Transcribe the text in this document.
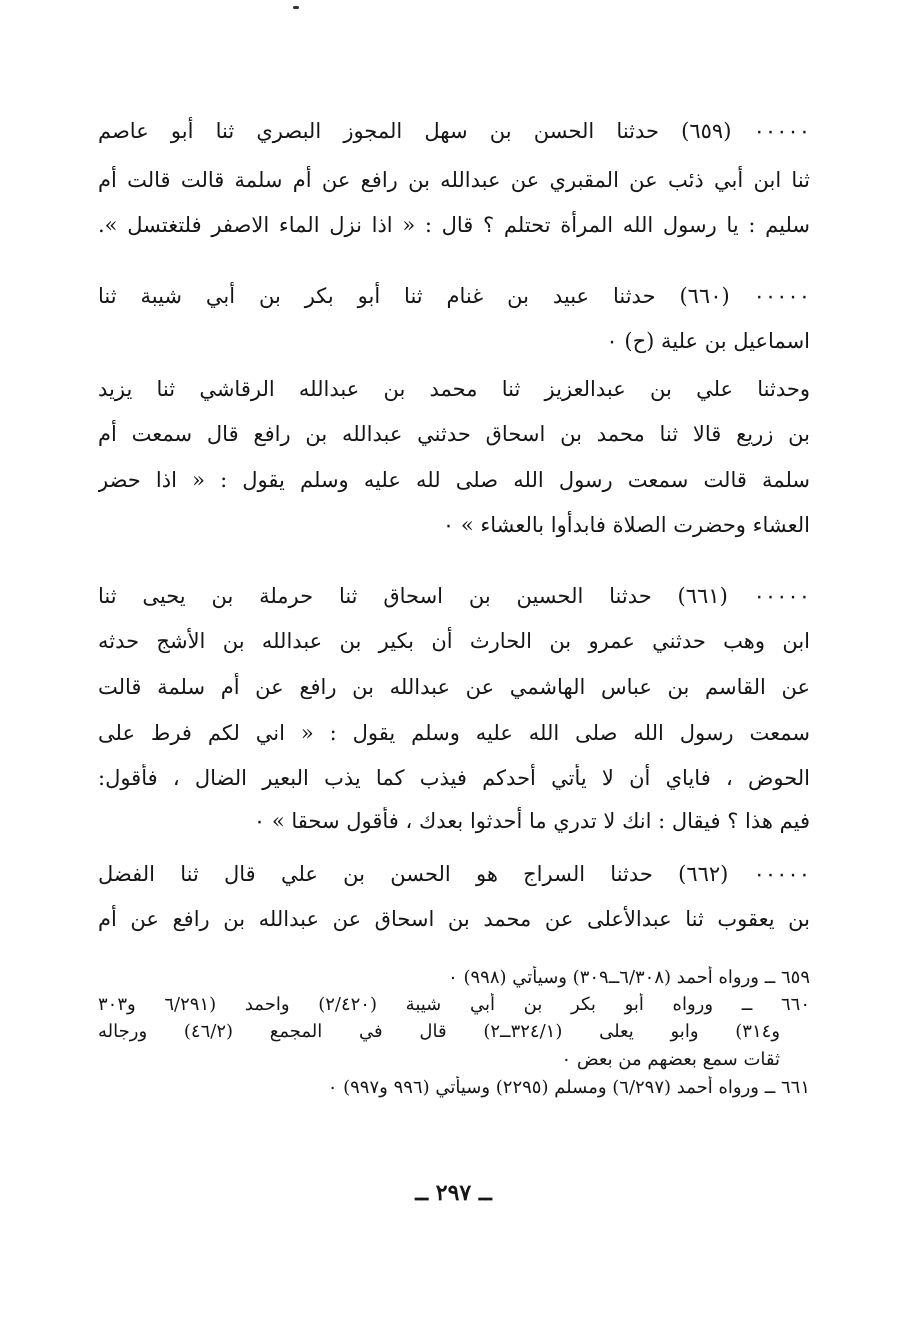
٠٠٠٠٠ (٦٥٩) حدثنا الحسن بن سهل المجوز البصري ثنا أبو عاصم
ثنا ابن أبي ذئب عن المقبري عن عبدالله بن رافع عن أم سلمة قالت قالت أم
سليم : يا رسول الله المرأة تحتلم ؟ قال : « اذا نزل الماء الاصفر فلتغتسل ».
٠٠٠٠٠ (٦٦٠) حدثنا عبيد بن غنام ثنا أبو بكر بن أبي شيبة ثنا
اسماعيل بن علية (ح) ٠
وحدثنا علي بن عبدالعزيز ثنا محمد بن عبدالله الرقاشي ثنا يزيد
بن زريع قالا ثنا محمد بن اسحاق حدثني عبدالله بن رافع قال سمعت أم
سلمة قالت سمعت رسول الله صلى لله عليه وسلم يقول : « اذا حضر
العشاء وحضرت الصلاة فابدأوا بالعشاء » ٠
٠٠٠٠٠ (٦٦١) حدثنا الحسين بن اسحاق ثنا حرملة بن يحيى ثنا
ابن وهب حدثني عمرو بن الحارث أن بكير بن عبدالله بن الأشج حدثه
عن القاسم بن عباس الهاشمي عن عبدالله بن رافع عن أم سلمة قالت
سمعت رسول الله صلى الله عليه وسلم يقول : « اني لكم فرط على
الحوض ، فاياي أن لا يأتي أحدكم فيذب كما يذب البعير الضال ، فأقول:
فيم هذا ؟ فيقال : انك لا تدري ما أحدثوا بعدك ، فأقول سحقا » ٠
٠٠٠٠٠ (٦٦٢) حدثنا السراج هو الحسن بن علي قال ثنا الفضل
بن يعقوب ثنا عبدالأعلى عن محمد بن اسحاق عن عبدالله بن رافع عن أم
٦٥٩ ــ ورواه أحمد (٦/٣٠٨ــ٣٠٩) وسيأتي (٩٩٨) ٠
٦٦٠ ــ ورواه أبو بكر بن أبي شيبة (٢/٤٢٠) واحمد (٦/٢٩١ و٣٠٣
و٣١٤) وابو يعلى (٣٢٤/١ــ٢) قال في المجمع (٤٦/٢) ورجاله
ثقات سمع بعضهم من بعض ٠
٦٦١ ــ ورواه أحمد (٦/٢٩٧) ومسلم (٢٢٩٥) وسيأتي (٩٩٦ و٩٩٧) ٠
ــ ٢٩٧ ــ
